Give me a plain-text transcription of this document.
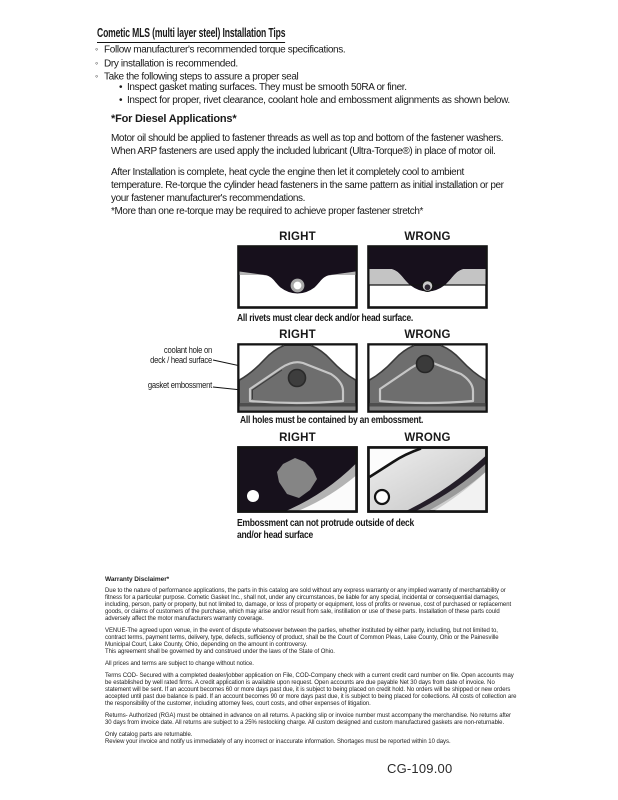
Cometic MLS (multi layer steel) Installation Tips
◦ Follow manufacturer's recommended torque specifications.
◦ Dry installation is recommended.
◦ Take the following steps to assure a proper seal
• Inspect gasket mating surfaces. They must be smooth 50RA or finer.
• Inspect for proper, rivet clearance, coolant hole and embossment alignments as shown below.
*For Diesel Applications*
Motor oil should be applied to fastener threads as well as top and bottom of the fastener washers. When ARP fasteners are used apply the included lubricant (Ultra-Torque®) in place of motor oil.
After Installation is complete, heat cycle the engine then let it completely cool to ambient temperature. Re-torque the cylinder head fasteners in the same pattern as initial installation or per your fastener manufacturer's recommendations.
*More than one re-torque may be required to achieve proper fastener stretch*
RIGHT	WRONG
All rivets must clear deck and/or head surface.
RIGHT	WRONG
coolant hole on
deck / head surface
gasket embossment
All holes must be contained by an embossment.
RIGHT	WRONG
Embossment can not protrude outside of deck
and/or head surface
Warranty Disclaimer*

Due to the nature of performance applications, the parts in this catalog are sold without any express warranty or any implied warranty of merchantability or fitness for a particular purpose. Cometic Gasket Inc., shall not, under any circumstances, be liable for any special, incidental or consequential damages, including, person, party or property, but not limited to, damage, or loss of property or equipment, loss of profits or revenue, cost of purchased or replacement goods, or claims of customers of the purchase, which may arise and/or result from sale, instillation or use of these parts. Installation of these parts could adversely affect the motor manufacturers warranty coverage.

VENUE-The agreed upon venue, in the event of dispute whatsoever between the parties, whether instituted by either party, including, but not limited to, contract terms, payment terms, delivery, type, defects, sufficiency of product, shall be the Court of Common Pleas, Lake County, Ohio or the Painesville Municipal Court, Lake County, Ohio, depending on the amount in controversy.

This agreement shall be governed by and construed under the laws of the State of Ohio.

All prices and terms are subject to change without notice.

Terms COD- Secured with a completed dealer/jobber application on File, COD-Company check with a current credit card number on file. Open accounts may be established by well rated firms. A credit application is available upon request. Open accounts are due payable Net 30 days from date of invoice. No statement will be sent. If an account becomes 60 or more days past due, it is subject to being placed on credit hold. No orders will be shipped or new orders accepted until past due balance is paid. If an account becomes 90 or more days past due, it is subject to being placed for collections. All costs of collection are the responsibility of the customer, including attorney fees, court costs, and other expenses of litigation.

Returns- Authorized (RGA) must be obtained in advance on all returns. A packing slip or invoice number must accompany the merchandise. No returns after 30 days from invoice date. All returns are subject to a 25% restocking charge. All custom designed and custom manufactured gaskets are non-returnable.

Only catalog parts are returnable.

Review your invoice and notify us immediately of any incorrect or inaccurate information. Shortages must be reported within 10 days.

CG-109.00
